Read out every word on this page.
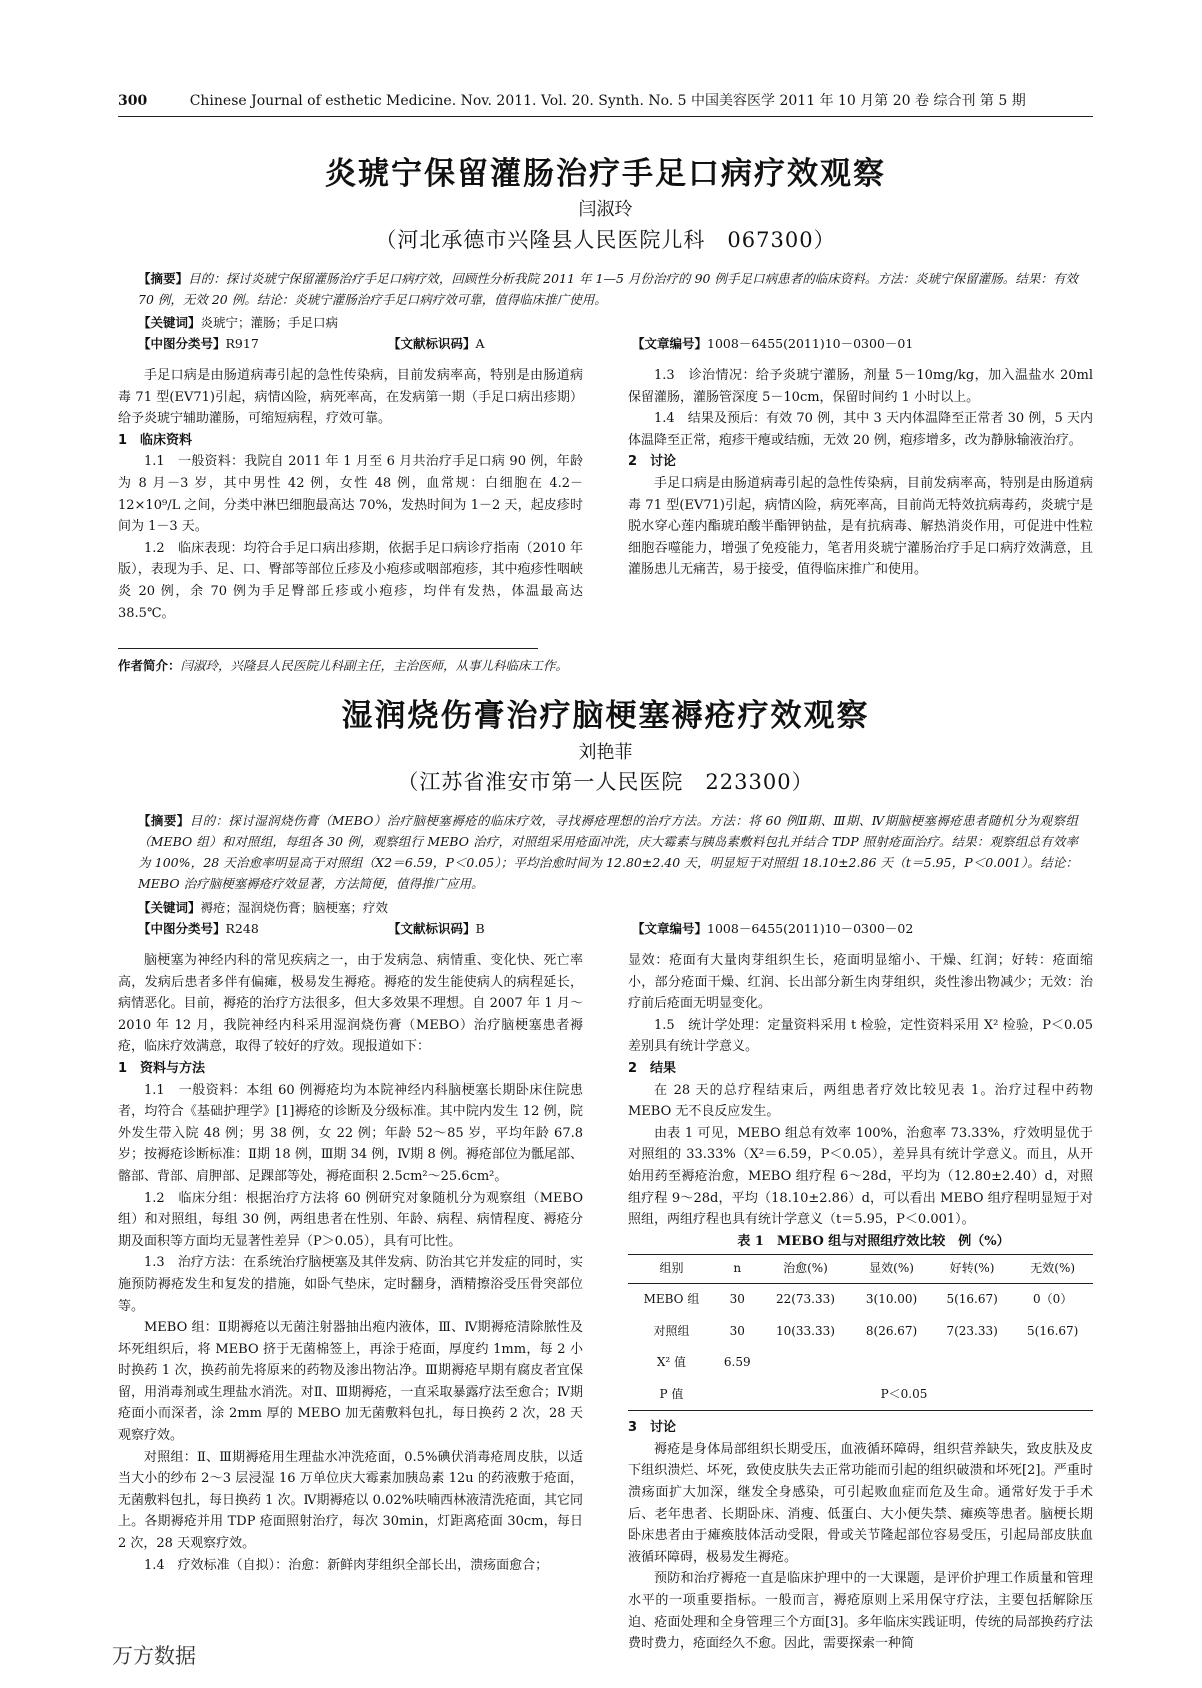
300	Chinese Journal of esthetic Medicine. Nov. 2011. Vol. 20. Synth. No. 5 中国美容医学 2011 年 10 月第 20 卷 综合刊 第 5 期
炎琥宁保留灌肠治疗手足口病疗效观察
闫淑玲
（河北承德市兴隆县人民医院儿科　067300）
【摘要】目的：探讨炎琥宁保留灌肠治疗手足口病疗效，回顾性分析我院 2011 年 1—5 月份治疗的 90 例手足口病患者的临床资料。方法：炎琥宁保留灌肠。结果：有效 70 例，无效 20 例。结论：炎琥宁灌肠治疗手足口病疗效可靠，值得临床推广使用。
【关键词】炎琥宁；灌肠；手足口病
【中图分类号】R917	【文献标识码】A	【文章编号】1008－6455(2011)10－0300－01

手足口病是由肠道病毒引起的急性传染病，目前发病率高，特别是由肠道病毒 71 型(EV71)引起，病情凶险，病死率高，在发病第一期（手足口病出疹期）给予炎琥宁辅助灌肠，可缩短病程，疗效可靠。

1　临床资料

1.1　一般资料：我院自 2011 年 1 月至 6 月共治疗手足口病 90 例，年龄为 8 月－3 岁，其中男性 42 例，女性 48 例，血常规：白细胞在 4.2－12×10⁹/L 之间，分类中淋巴细胞最高达 70%，发热时间为 1－2 天，起皮疹时间为 1－3 天。

1.2　临床表现：均符合手足口病出疹期，依据手足口病诊疗指南（2010 年版），表现为手、足、口、臀部等部位丘疹及小疱疹或咽部疱疹，其中疱疹性咽峡炎 20 例，余 70 例为手足臀部丘疹或小疱疹，均伴有发热，体温最高达 38.5℃。

1.3　诊治情况：给予炎琥宁灌肠，剂量 5－10mg/kg，加入温盐水 20ml 保留灌肠，灌肠管深度 5－10cm，保留时间约 1 小时以上。

1.4　结果及预后：有效 70 例，其中 3 天内体温降至正常者 30 例，5 天内体温降至正常，疱疹干瘪或结痂，无效 20 例，疱疹增多，改为静脉输液治疗。

2　讨论

手足口病是由肠道病毒引起的急性传染病，目前发病率高，特别是由肠道病毒 71 型(EV71)引起，病情凶险，病死率高，目前尚无特效抗病毒药，炎琥宁是脱水穿心莲内酯琥珀酸半酯钾钠盐，是有抗病毒、解热消炎作用，可促进中性粒细胞吞噬能力，增强了免疫能力，笔者用炎琥宁灌肠治疗手足口病疗效满意，且灌肠患儿无痛苦，易于接受，值得临床推广和使用。

作者简介：闫淑玲，兴隆县人民医院儿科副主任，主治医师，从事儿科临床工作。
湿润烧伤膏治疗脑梗塞褥疮疗效观察
刘艳菲
（江苏省淮安市第一人民医院　223300）
【摘要】目的：探讨湿润烧伤膏（MEBO）治疗脑梗塞褥疮的临床疗效，寻找褥疮理想的治疗方法。方法：将 60 例Ⅱ期、Ⅲ期、Ⅳ期脑梗塞褥疮患者随机分为观察组（MEBO 组）和对照组，每组各 30 例，观察组行 MEBO 治疗，对照组采用疮面冲洗，庆大霉素与胰岛素敷料包扎并结合 TDP 照射疮面治疗。结果：观察组总有效率为 100%，28 天治愈率明显高于对照组（X2＝6.59，P＜0.05）；平均治愈时间为 12.80±2.40 天，明显短于对照组 18.10±2.86 天（t＝5.95，P＜0.001）。结论：MEBO 治疗脑梗塞褥疮疗效显著，方法简便，值得推广应用。
【关键词】褥疮；湿润烧伤膏；脑梗塞；疗效
【中图分类号】R248	【文献标识码】B	【文章编号】1008－6455(2011)10－0300－02

脑梗塞为神经内科的常见疾病之一，由于发病急、病情重、变化快、死亡率高，发病后患者多伴有偏瘫，极易发生褥疮。褥疮的发生能使病人的病程延长，病情恶化。目前，褥疮的治疗方法很多，但大多效果不理想。自 2007 年 1 月～2010 年 12 月，我院神经内科采用湿润烧伤膏（MEBO）治疗脑梗塞患者褥疮，临床疗效满意，取得了较好的疗效。现报道如下：

1　资料与方法

1.1　一般资料：本组 60 例褥疮均为本院神经内科脑梗塞长期卧床住院患者，均符合《基础护理学》[1]褥疮的诊断及分级标准。其中院内发生 12 例，院外发生带入院 48 例；男 38 例，女 22 例；年龄 52～85 岁，平均年龄 67.8 岁；按褥疮诊断标准：Ⅱ期 18 例，Ⅲ期 34 例，Ⅳ期 8 例。褥疮部位为骶尾部、髂部、背部、肩胛部、足踝部等处，褥疮面积 2.5cm²～25.6cm²。

1.2　临床分组：根据治疗方法将 60 例研究对象随机分为观察组（MEBO 组）和对照组，每组 30 例，两组患者在性别、年龄、病程、病情程度、褥疮分期及面积等方面均无显著性差异（P＞0.05），具有可比性。

1.3　治疗方法：在系统治疗脑梗塞及其伴发病、防治其它并发症的同时，实施预防褥疮发生和复发的措施，如卧气垫床，定时翻身，酒精擦浴受压骨突部位等。

MEBO 组：Ⅱ期褥疮以无菌注射器抽出疱内液体，Ⅲ、Ⅳ期褥疮清除脓性及坏死组织后，将 MEBO 挤于无菌棉签上，再涂于疮面，厚度约 1mm，每 2 小时换药 1 次，换药前先将原来的药物及渗出物沾净。Ⅲ期褥疮早期有腐皮者宜保留，用消毒剂或生理盐水消洗。对Ⅱ、Ⅲ期褥疮，一直采取暴露疗法至愈合；Ⅳ期疮面小而深者，涂 2mm 厚的 MEBO 加无菌敷料包扎，每日换药 2 次，28 天观察疗效。

对照组：Ⅱ、Ⅲ期褥疮用生理盐水冲洗疮面，0.5%碘伏消毒疮周皮肤，以适当大小的纱布 2～3 层浸湿 16 万单位庆大霉素加胰岛素 12u 的药液敷于疮面，无菌敷料包扎，每日换药 1 次。Ⅳ期褥疮以 0.02%呋喃西林液清洗疮面，其它同上。各期褥疮并用 TDP 疮面照射治疗，每次 30min，灯距离疮面 30cm，每日 2 次，28 天观察疗效。

1.4　疗效标准（自拟）：治愈：新鲜肉芽组织全部长出，溃疡面愈合；

显效：疮面有大量肉芽组织生长，疮面明显缩小、干燥、红润；好转：疮面缩小，部分疮面干燥、红润、长出部分新生肉芽组织，炎性渗出物减少；无效：治疗前后疮面无明显变化。

1.5　统计学处理：定量资料采用 t 检验，定性资料采用 X² 检验，P＜0.05 差别具有统计学意义。

2　结果

在 28 天的总疗程结束后，两组患者疗效比较见表 1。治疗过程中药物 MEBO 无不良反应发生。

由表 1 可见，MEBO 组总有效率 100%，治愈率 73.33%，疗效明显优于对照组的 33.33%（X²＝6.59，P＜0.05），差异具有统计学意义。而且，从开始用药至褥疮治愈，MEBO 组疗程 6～28d，平均为（12.80±2.40）d，对照组疗程 9～28d，平均（18.10±2.86）d，可以看出 MEBO 组疗程明显短于对照组，两组疗程也具有统计学意义（t＝5.95，P＜0.001）。

表 1　MEBO 组与对照组疗效比较　例（%）

组别	n	治愈(%)	显效(%)	好转(%)	无效(%)
MEBO 组	30	22(73.33)	3(10.00)	5(16.67)	0（0）
对照组	30	10(33.33)	8(26.67)	7(23.33)	5(16.67)
X² 值	6.59				
P 值	P＜0.05				

3　讨论

褥疮是身体局部组织长期受压，血液循环障碍，组织营养缺失，致皮肤及皮下组织溃烂、坏死，致使皮肤失去正常功能而引起的组织破溃和坏死[2]。严重时溃疡面扩大加深，继发全身感染，可引起败血症而危及生命。通常好发于手术后、老年患者、长期卧床、消瘦、低蛋白、大小便失禁、瘫痪等患者。脑梗长期卧床患者由于瘫痪肢体活动受限，骨或关节隆起部位容易受压，引起局部皮肤血液循环障碍，极易发生褥疮。

预防和治疗褥疮一直是临床护理中的一大课题，是评价护理工作质量和管理水平的一项重要指标。一般而言，褥疮原则上采用保守疗法，主要包括解除压迫、疮面处理和全身管理三个方面[3]。多年临床实践证明，传统的局部换药疗法费时费力，疮面经久不愈。因此，需要探索一种简

万方数据
